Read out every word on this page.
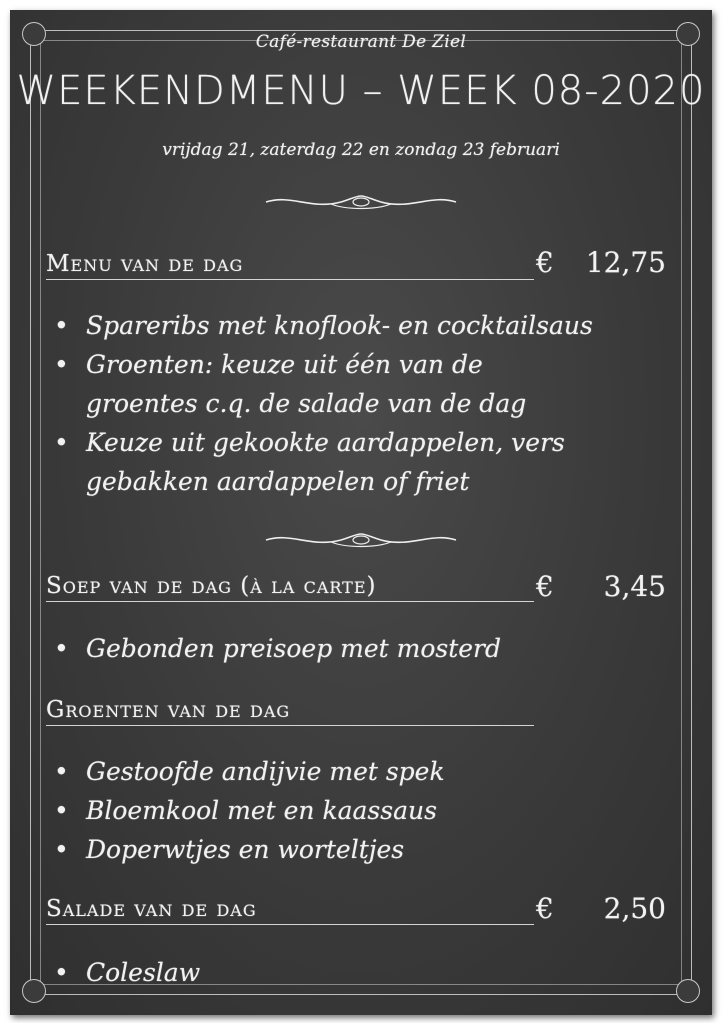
Café-restaurant De Ziel
WEEKENDMENU – WEEK 08-2020
vrijdag 21, zaterdag 22 en zondag 23 februari
Menu van de dag	€	12,75
• Spareribs met knoflook- en cocktailsaus
• Groenten: keuze uit één van de
groentes c.q. de salade van de dag
• Keuze uit gekookte aardappelen, vers
gebakken aardappelen of friet
Soep van de dag (à la carte)	€	3,45
• Gebonden preisoep met mosterd
Groenten van de dag
• Gestoofde andijvie met spek
• Bloemkool met en kaassaus
• Doperwtjes en worteltjes
Salade van de dag	€	2,50
• Coleslaw
